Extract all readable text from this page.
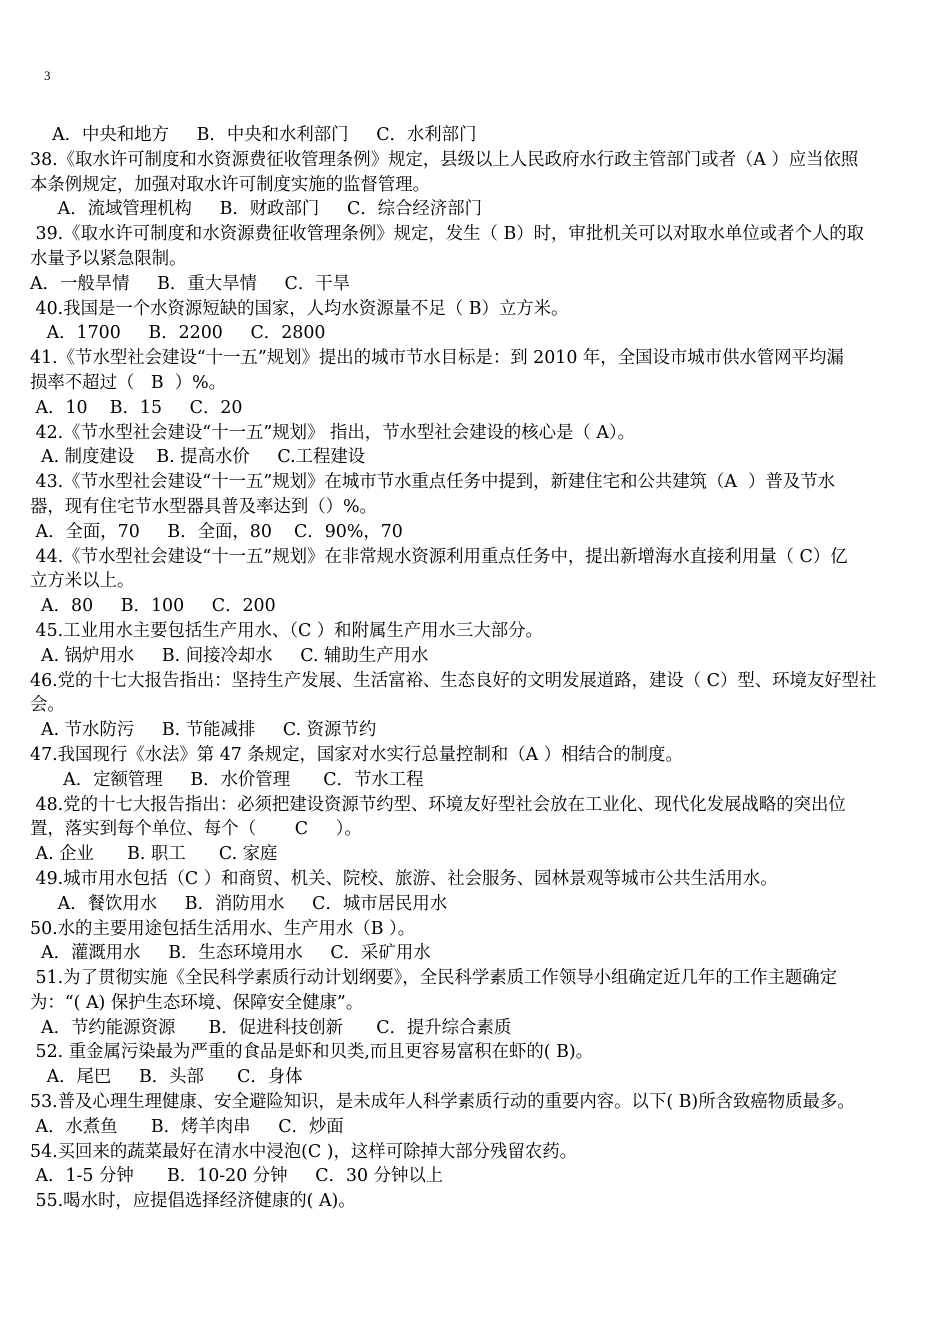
3
A．中央和地方     B．中央和水利部门     C．水利部门
38.《取水许可制度和水资源费征收管理条例》规定，县级以上人民政府水行政主管部门或者（A ）应当依照
本条例规定，加强对取水许可制度实施的监督管理。
A．流域管理机构     B．财政部门     C．综合经济部门
39.《取水许可制度和水资源费征收管理条例》规定，发生（ B）时，审批机关可以对取水单位或者个人的取
水量予以紧急限制。
A．一般旱情     B．重大旱情     C．干旱
40.我国是一个水资源短缺的国家，人均水资源量不足（ B）立方米。
A．1700     B．2200     C．2800
41.《节水型社会建设“十一五”规划》提出的城市节水目标是：到 2010 年，全国设市城市供水管网平均漏
损率不超过（   B  ）%。
A．10    B．15     C．20
42.《节水型社会建设“十一五”规划》 指出，节水型社会建设的核心是（ A）。
A. 制度建设    B. 提高水价     C.工程建设
43.《节水型社会建设“十一五”规划》在城市节水重点任务中提到，新建住宅和公共建筑（A  ）普及节水
器，现有住宅节水型器具普及率达到（）%。
A．全面，70     B．全面，80    C．90%，70
44.《节水型社会建设“十一五”规划》在非常规水资源利用重点任务中，提出新增海水直接利用量（ C）亿
立方米以上。
A．80     B．100     C．200
45.工业用水主要包括生产用水、（C ）和附属生产用水三大部分。
A. 锅炉用水     B. 间接冷却水     C. 辅助生产用水
46.党的十七大报告指出：坚持生产发展、生活富裕、生态良好的文明发展道路，建设（ C）型、环境友好型社
会。
A. 节水防污     B. 节能减排     C. 资源节约
47.我国现行《水法》第 47 条规定，国家对水实行总量控制和（A ）相结合的制度。
A．定额管理     B．水价管理      C．节水工程
48.党的十七大报告指出：必须把建设资源节约型、环境友好型社会放在工业化、现代化发展战略的突出位
置，落实到每个单位、每个（       C     ）。
A. 企业      B. 职工      C. 家庭
49.城市用水包括（C ）和商贸、机关、院校、旅游、社会服务、园林景观等城市公共生活用水。
A．餐饮用水     B．消防用水     C．城市居民用水
50.水的主要用途包括生活用水、生产用水（B ）。
A．灌溉用水     B．生态环境用水     C．采矿用水
51.为了贯彻实施《全民科学素质行动计划纲要》，全民科学素质工作领导小组确定近几年的工作主题确定
为：“( A) 保护生态环境、保障安全健康”。
A．节约能源资源      B．促进科技创新      C．提升综合素质
52. 重金属污染最为严重的食品是虾和贝类,而且更容易富积在虾的( B)。
A．尾巴     B．头部      C．身体
53.普及心理生理健康、安全避险知识，是未成年人科学素质行动的重要内容。以下( B)所含致癌物质最多。
A．水煮鱼      B．烤羊肉串     C．炒面
54.买回来的蔬菜最好在清水中浸泡(C )，这样可除掉大部分残留农药。
A．1-5 分钟      B．10-20 分钟     C．30 分钟以上
55.喝水时，应提倡选择经济健康的( A)。
